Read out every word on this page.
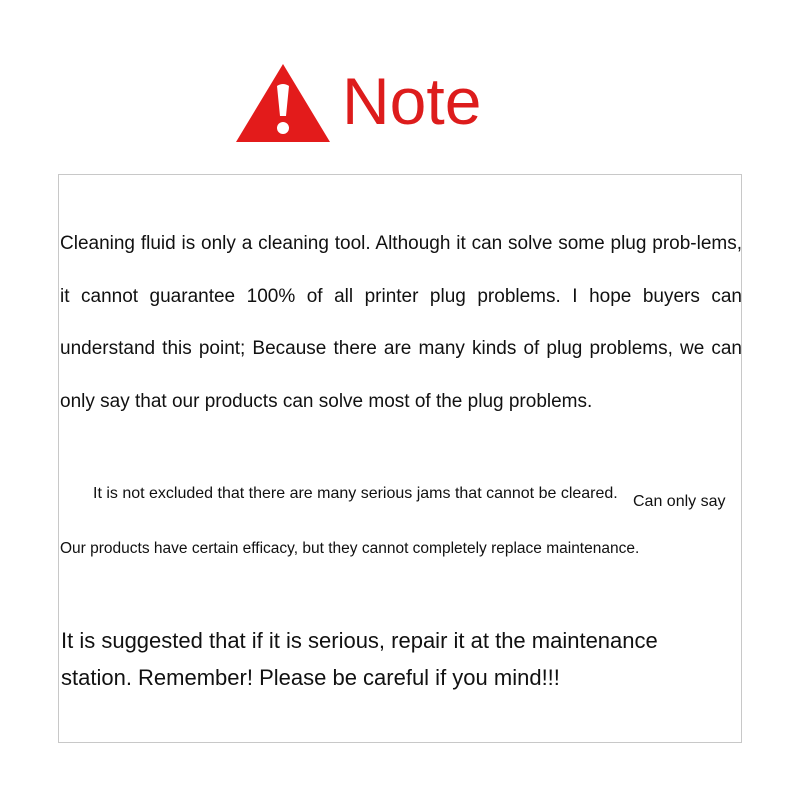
Note

Cleaning fluid is only a cleaning tool. Although it can solve some plug prob-lems, it cannot guarantee 100% of all printer plug problems. I hope buyers can understand this point; Because there are many kinds of plug problems, we can only say that our products can solve most of the plug problems.

It is not excluded that there are many serious jams that cannot be cleared. Can only say

Our products have certain efficacy, but they cannot completely replace maintenance.

It is suggested that if it is serious, repair it at the maintenance station. Remember! Please be careful if you mind!!!
